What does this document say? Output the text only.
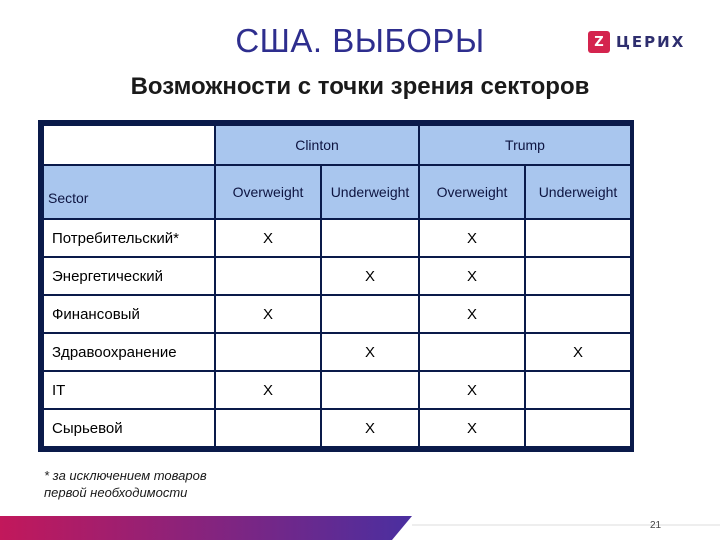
США. ВЫБОРЫ	Z ЦЕРИХ
Возможности с точки зрения секторов
	Clinton		Trump	
Sector	Overweight	Underweight	Overweight	Underweight
Потребительский*	X		X	
Энергетический		X	X	
Финансовый	X		X	
Здравоохранение		X		X
IT	X		X	
Сырьевой		X	X	
* за исключением товаров
первой необходимости
21
